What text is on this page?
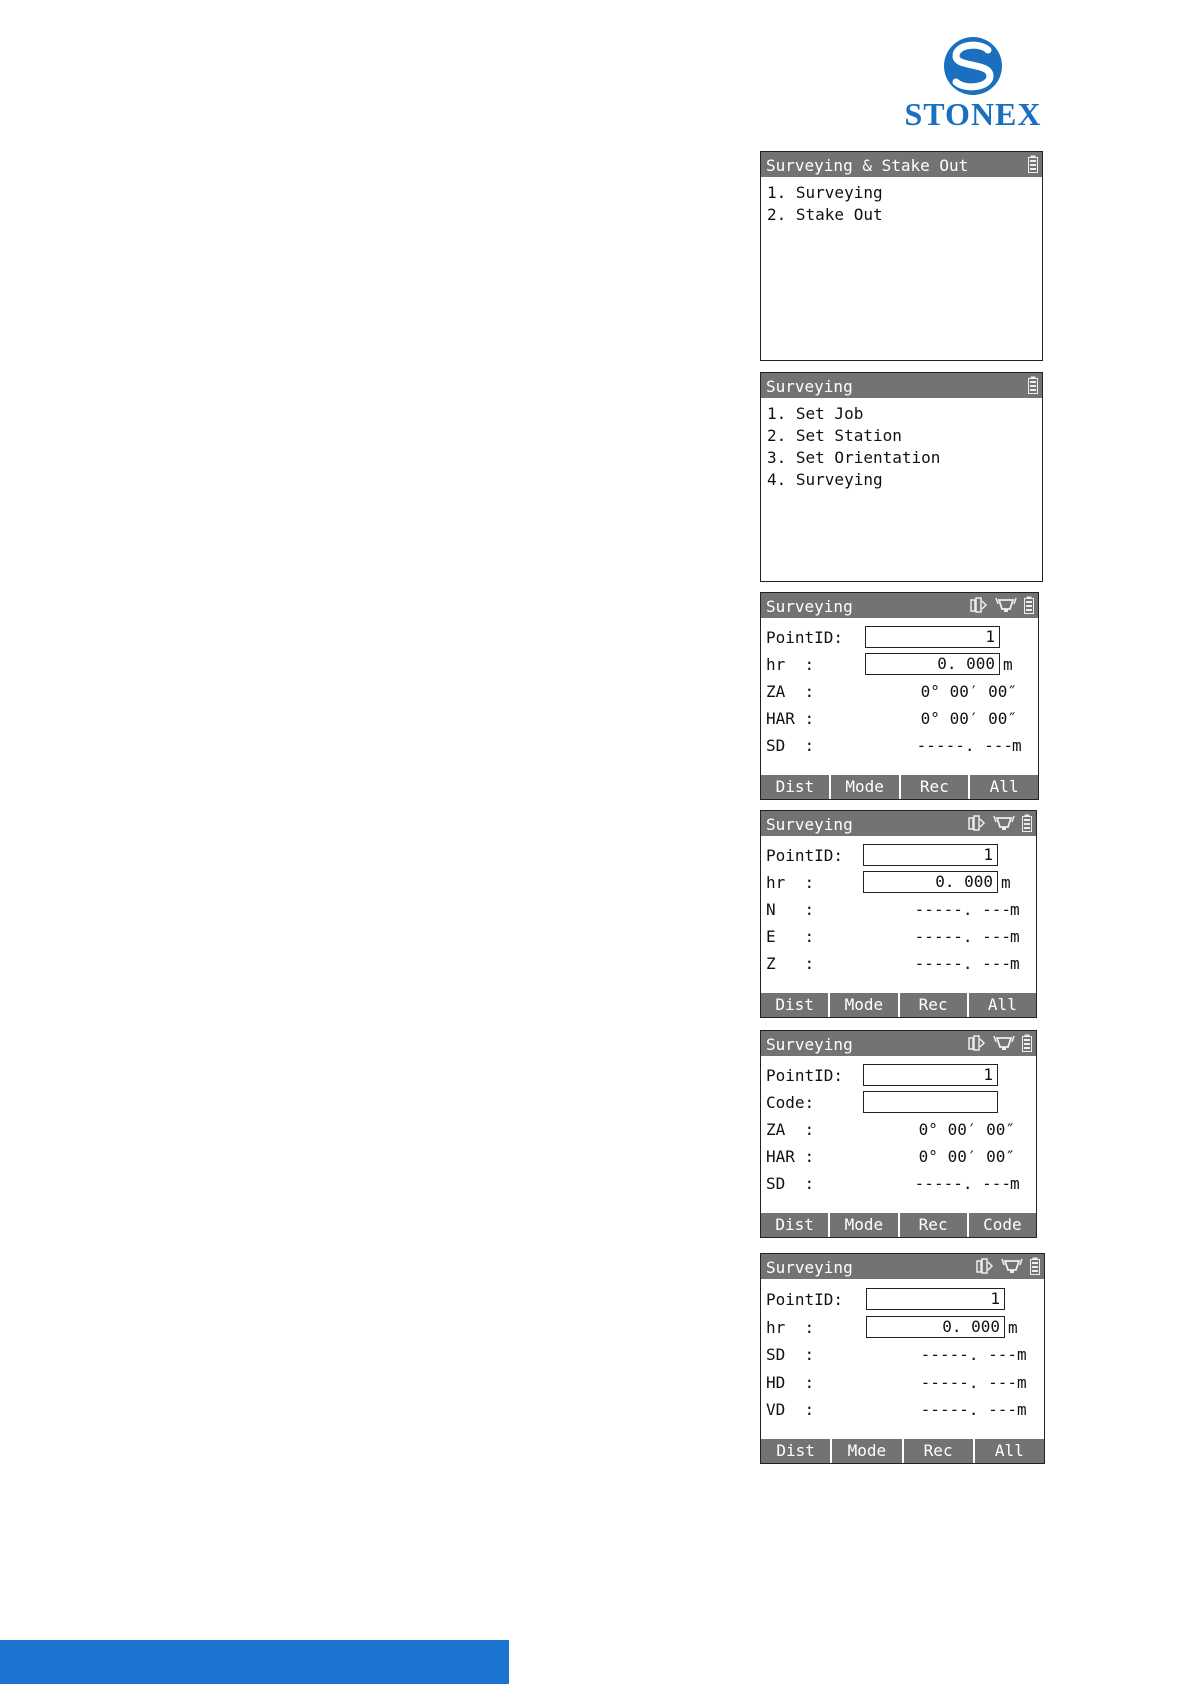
STONEX
Surveying & Stake Out
1. Surveying
2. Stake Out
Surveying
1. Set Job
2. Set Station
3. Set Orientation
4. Surveying
Surveying
PointID:	1
hr  :	0. 000 m
ZA  :	0° 00′ 00″
HAR :	0° 00′ 00″
SD  :	-----. --- m
Dist	Mode	Rec	All
Surveying
PointID:	1
hr  :	0. 000 m
N   :	-----. --- m
E   :	-----. --- m
Z   :	-----. --- m
Dist	Mode	Rec	All
Surveying
PointID:	1
Code:
ZA  :	0° 00′ 00″
HAR :	0° 00′ 00″
SD  :	-----. --- m
Dist	Mode	Rec	Code
Surveying
PointID:	1
hr  :	0. 000 m
SD  :	-----. --- m
HD  :	-----. --- m
VD  :	-----. --- m
Dist	Mode	Rec	All
